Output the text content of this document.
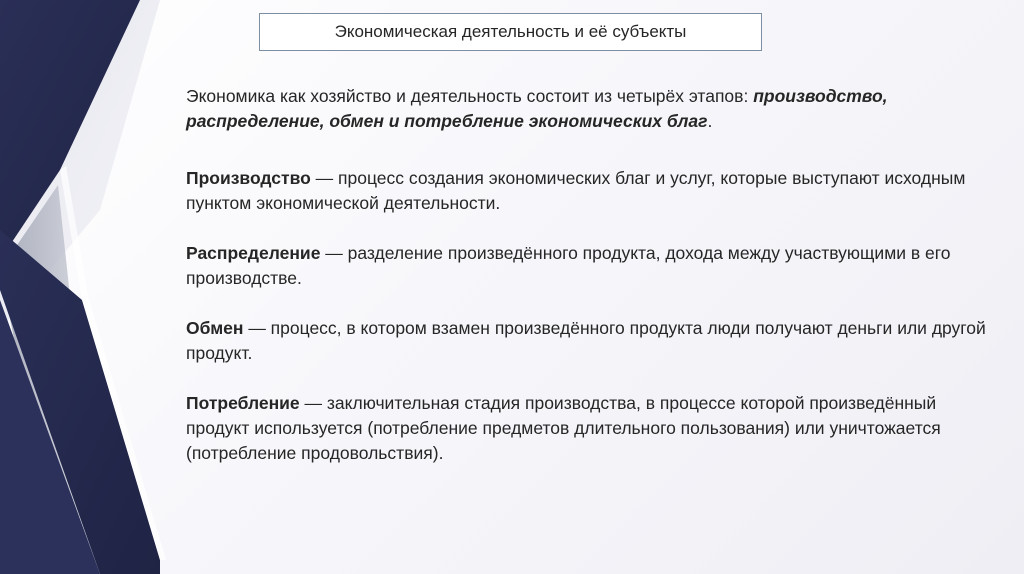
Экономическая деятельность и её субъекты

Экономика как хозяйство и деятельность состоит из четырёх этапов: производство, распределение, обмен и потребление экономических благ.

Производство — процесс создания экономических благ и услуг, которые выступают исходным пунктом экономической деятельности.

Распределение — разделение произведённого продукта, дохода между участвующими в его производстве.

Обмен — процесс, в котором взамен произведённого продукта люди получают деньги или другой продукт.

Потребление — заключительная стадия производства, в процессе которой произведённый продукт используется (потребление предметов длительного пользования) или уничтожается (потребление продовольствия).
